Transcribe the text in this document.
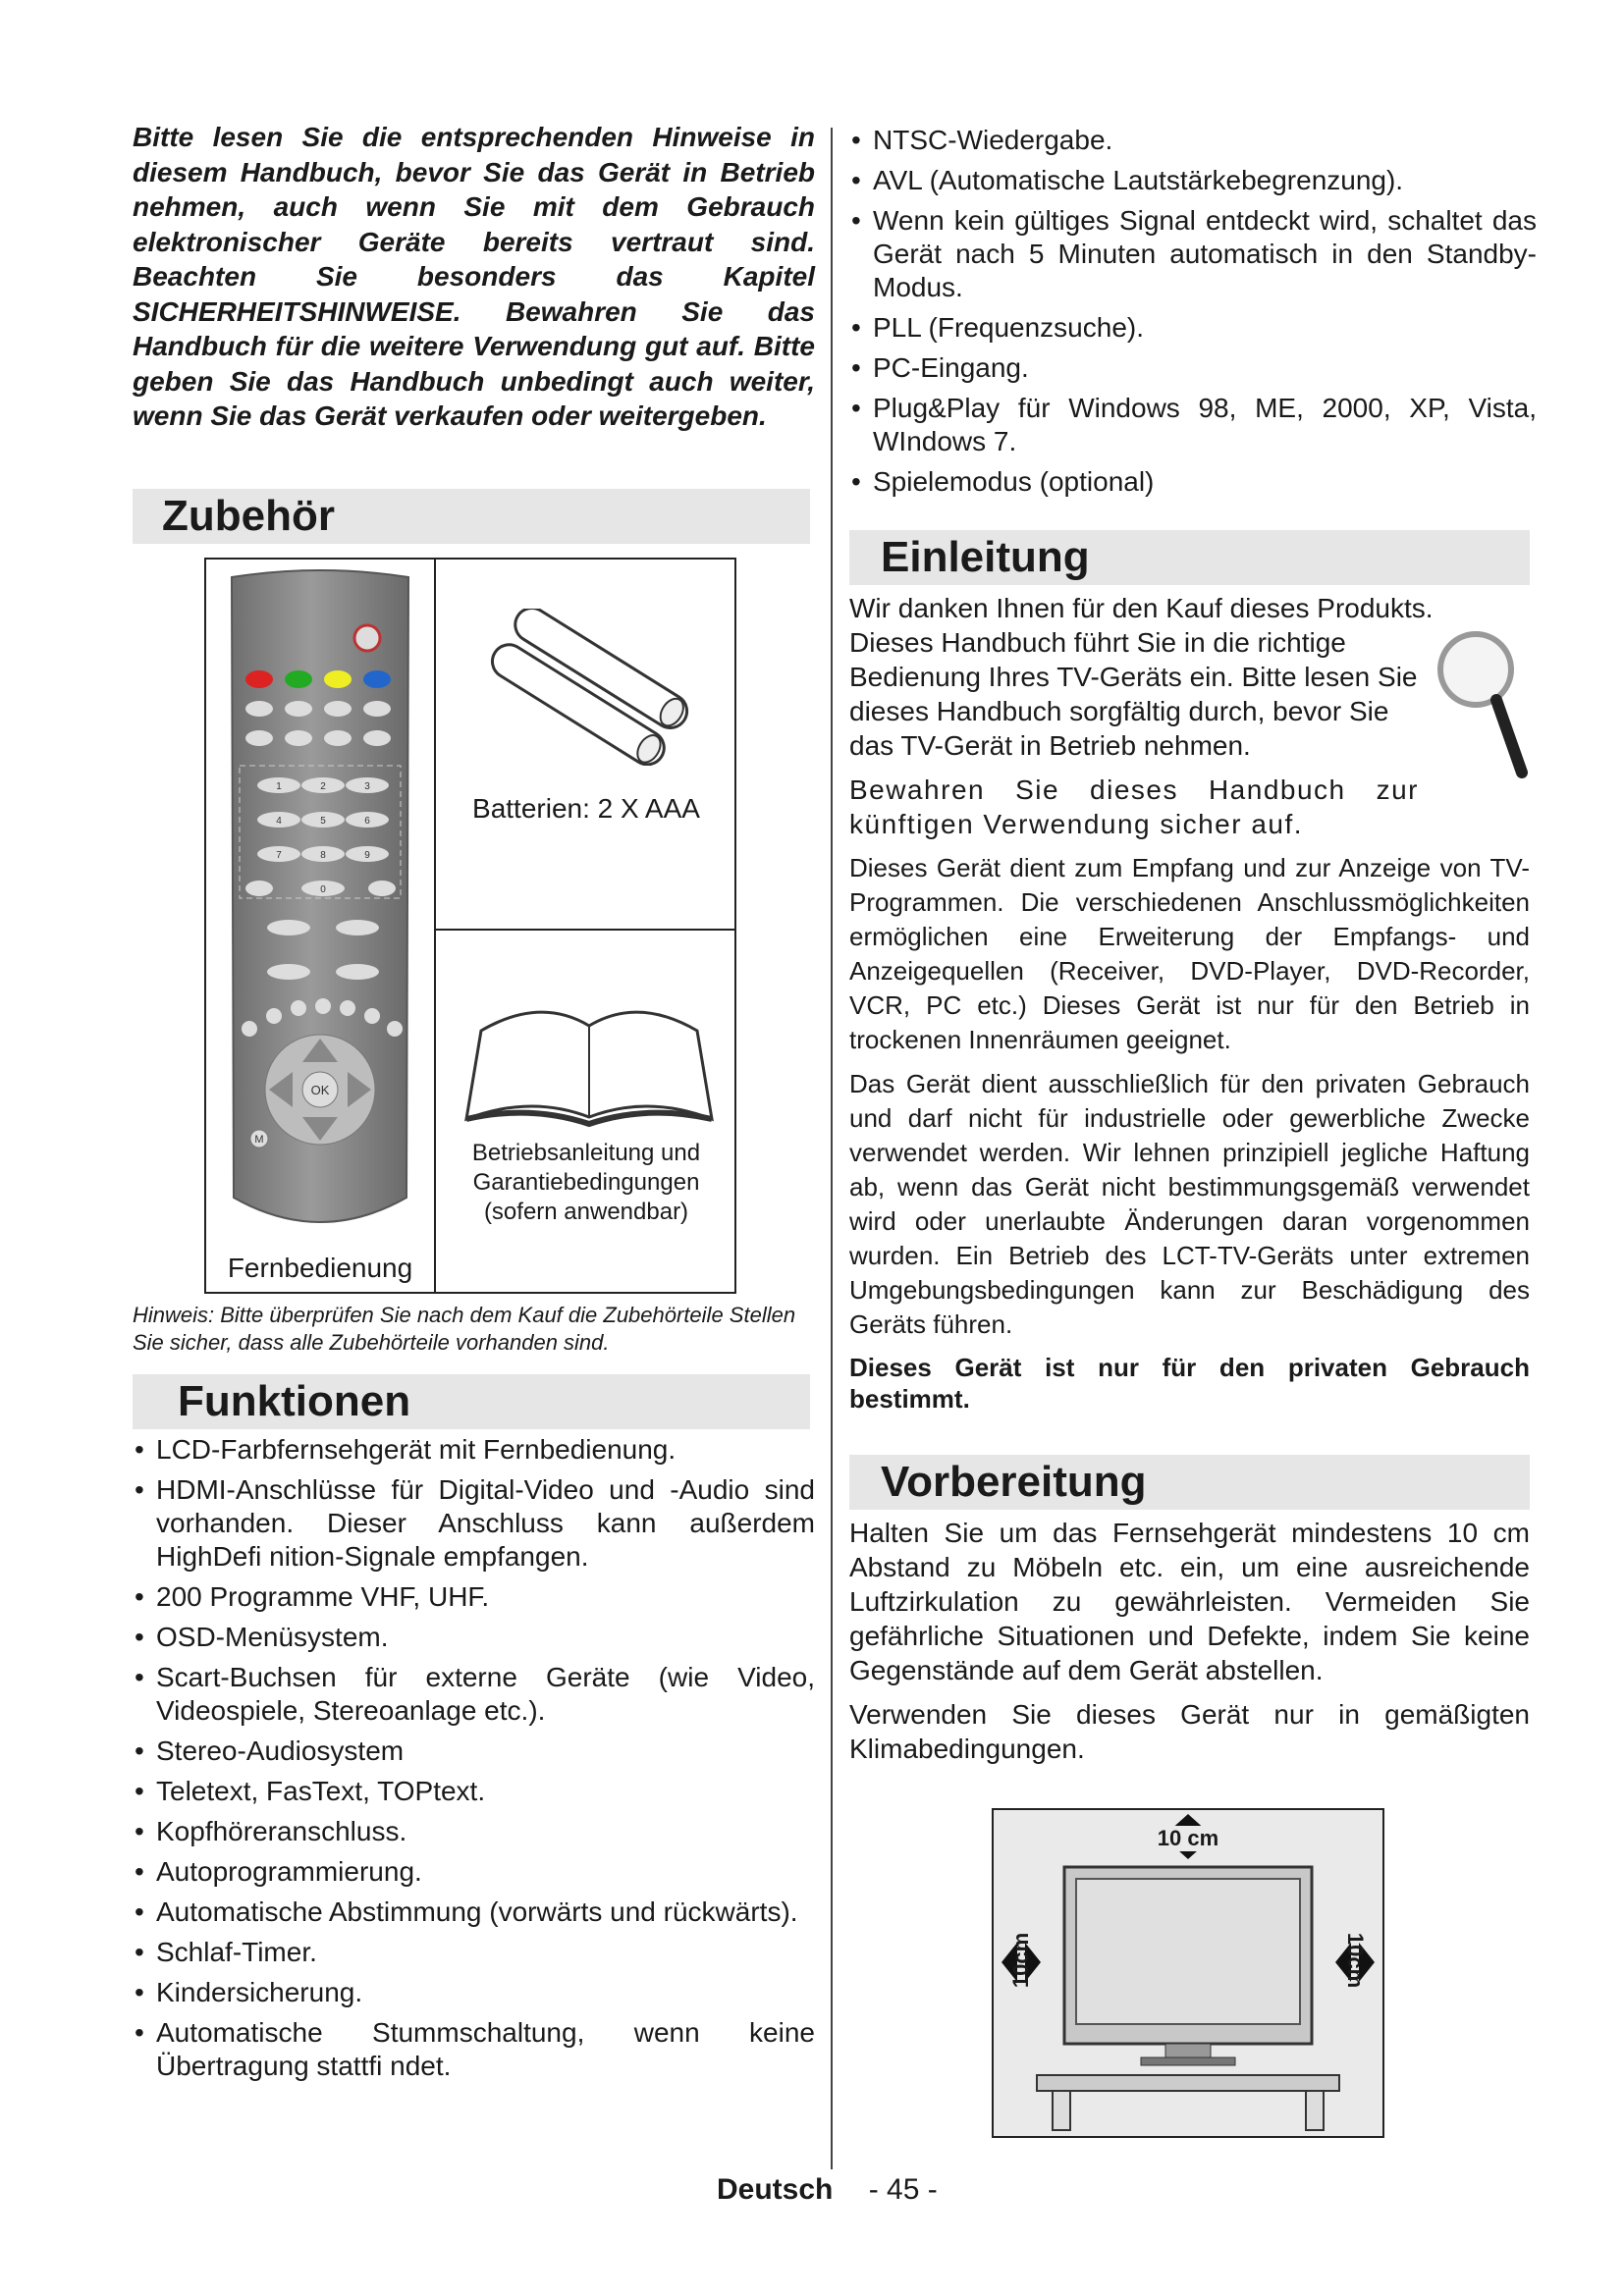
Bitte lesen Sie die entsprechenden Hinweise in diesem Handbuch, bevor Sie das Gerät in Betrieb nehmen, auch wenn Sie mit dem Gebrauch elektronischer Geräte bereits vertraut sind. Beachten Sie besonders das Kapitel SICHERHEITSHINWEISE. Bewahren Sie das Handbuch für die weitere Verwendung gut auf. Bitte geben Sie das Handbuch unbedingt auch weiter, wenn Sie das Gerät verkaufen oder weitergeben.

Zubehör
1	2	3
4	5	6
7	8	9
0
OK
M
Fernbedienung
Batterien: 2 X AAA
Betriebsanleitung und
Garantiebedingungen
(sofern anwendbar)

Hinweis: Bitte überprüfen Sie nach dem Kauf die Zubehörteile Stellen Sie sicher, dass alle Zubehörteile vorhanden sind.

Funktionen
• LCD-Farbfernsehgerät mit Fernbedienung.
• HDMI-Anschlüsse für Digital-Video und -Audio sind vorhanden. Dieser Anschluss kann außerdem HighDefi nition-Signale empfangen.
• 200 Programme VHF, UHF.
• OSD-Menüsystem.
• Scart-Buchsen für externe Geräte (wie Video, Videospiele, Stereoanlage etc.).
• Stereo-Audiosystem
• Teletext, FasText, TOPtext.
• Kopfhöreranschluss.
• Autoprogrammierung.
• Automatische Abstimmung (vorwärts und rückwärts).
• Schlaf-Timer.
• Kindersicherung.
• Automatische Stummschaltung, wenn keine Übertragung stattfi ndet.
• NTSC-Wiedergabe.
• AVL (Automatische Lautstärkebegrenzung).
• Wenn kein gültiges Signal entdeckt wird, schaltet das Gerät nach 5 Minuten automatisch in den Standby-Modus.
• PLL (Frequenzsuche).
• PC-Eingang.
• Plug&Play für Windows 98, ME, 2000, XP, Vista, WIndows 7.
• Spielemodus (optional)
Einleitung

Wir danken Ihnen für den Kauf dieses Produkts.

Dieses Handbuch führt Sie in die richtige Bedienung Ihres TV-Geräts ein. Bitte lesen Sie dieses Handbuch sorgfältig durch, bevor Sie das TV-Gerät in Betrieb nehmen.

Bewahren Sie dieses Handbuch zur künftigen Verwendung sicher auf.

Dieses Gerät dient zum Empfang und zur Anzeige von TV-Programmen. Die verschiedenen Anschlussmöglichkeiten ermöglichen eine Erweiterung der Empfangs- und Anzeigequellen (Receiver, DVD-Player, DVD-Recorder, VCR, PC etc.) Dieses Gerät ist nur für den Betrieb in trockenen Innenräumen geeignet.

Das Gerät dient ausschließlich für den privaten Gebrauch und darf nicht für industrielle oder gewerbliche Zwecke verwendet werden. Wir lehnen prinzipiell jegliche Haftung ab, wenn das Gerät nicht bestimmungsgemäß verwendet wird oder unerlaubte Änderungen daran vorgenommen wurden. Ein Betrieb des LCT-TV-Geräts unter extremen Umgebungsbedingungen kann zur Beschädigung des Geräts führen.

Dieses Gerät ist nur für den privaten Gebrauch bestimmt.

Vorbereitung

Halten Sie um das Fernsehgerät mindestens 10 cm Abstand zu Möbeln etc. ein, um eine ausreichende Luftzirkulation zu gewährleisten. Vermeiden Sie gefährliche Situationen und Defekte, indem Sie keine Gegenstände auf dem Gerät abstellen.

Verwenden Sie dieses Gerät nur in gemäßigten Klimabedingungen.

10 cm
10cm	10cm
Deutsch - 45 -
